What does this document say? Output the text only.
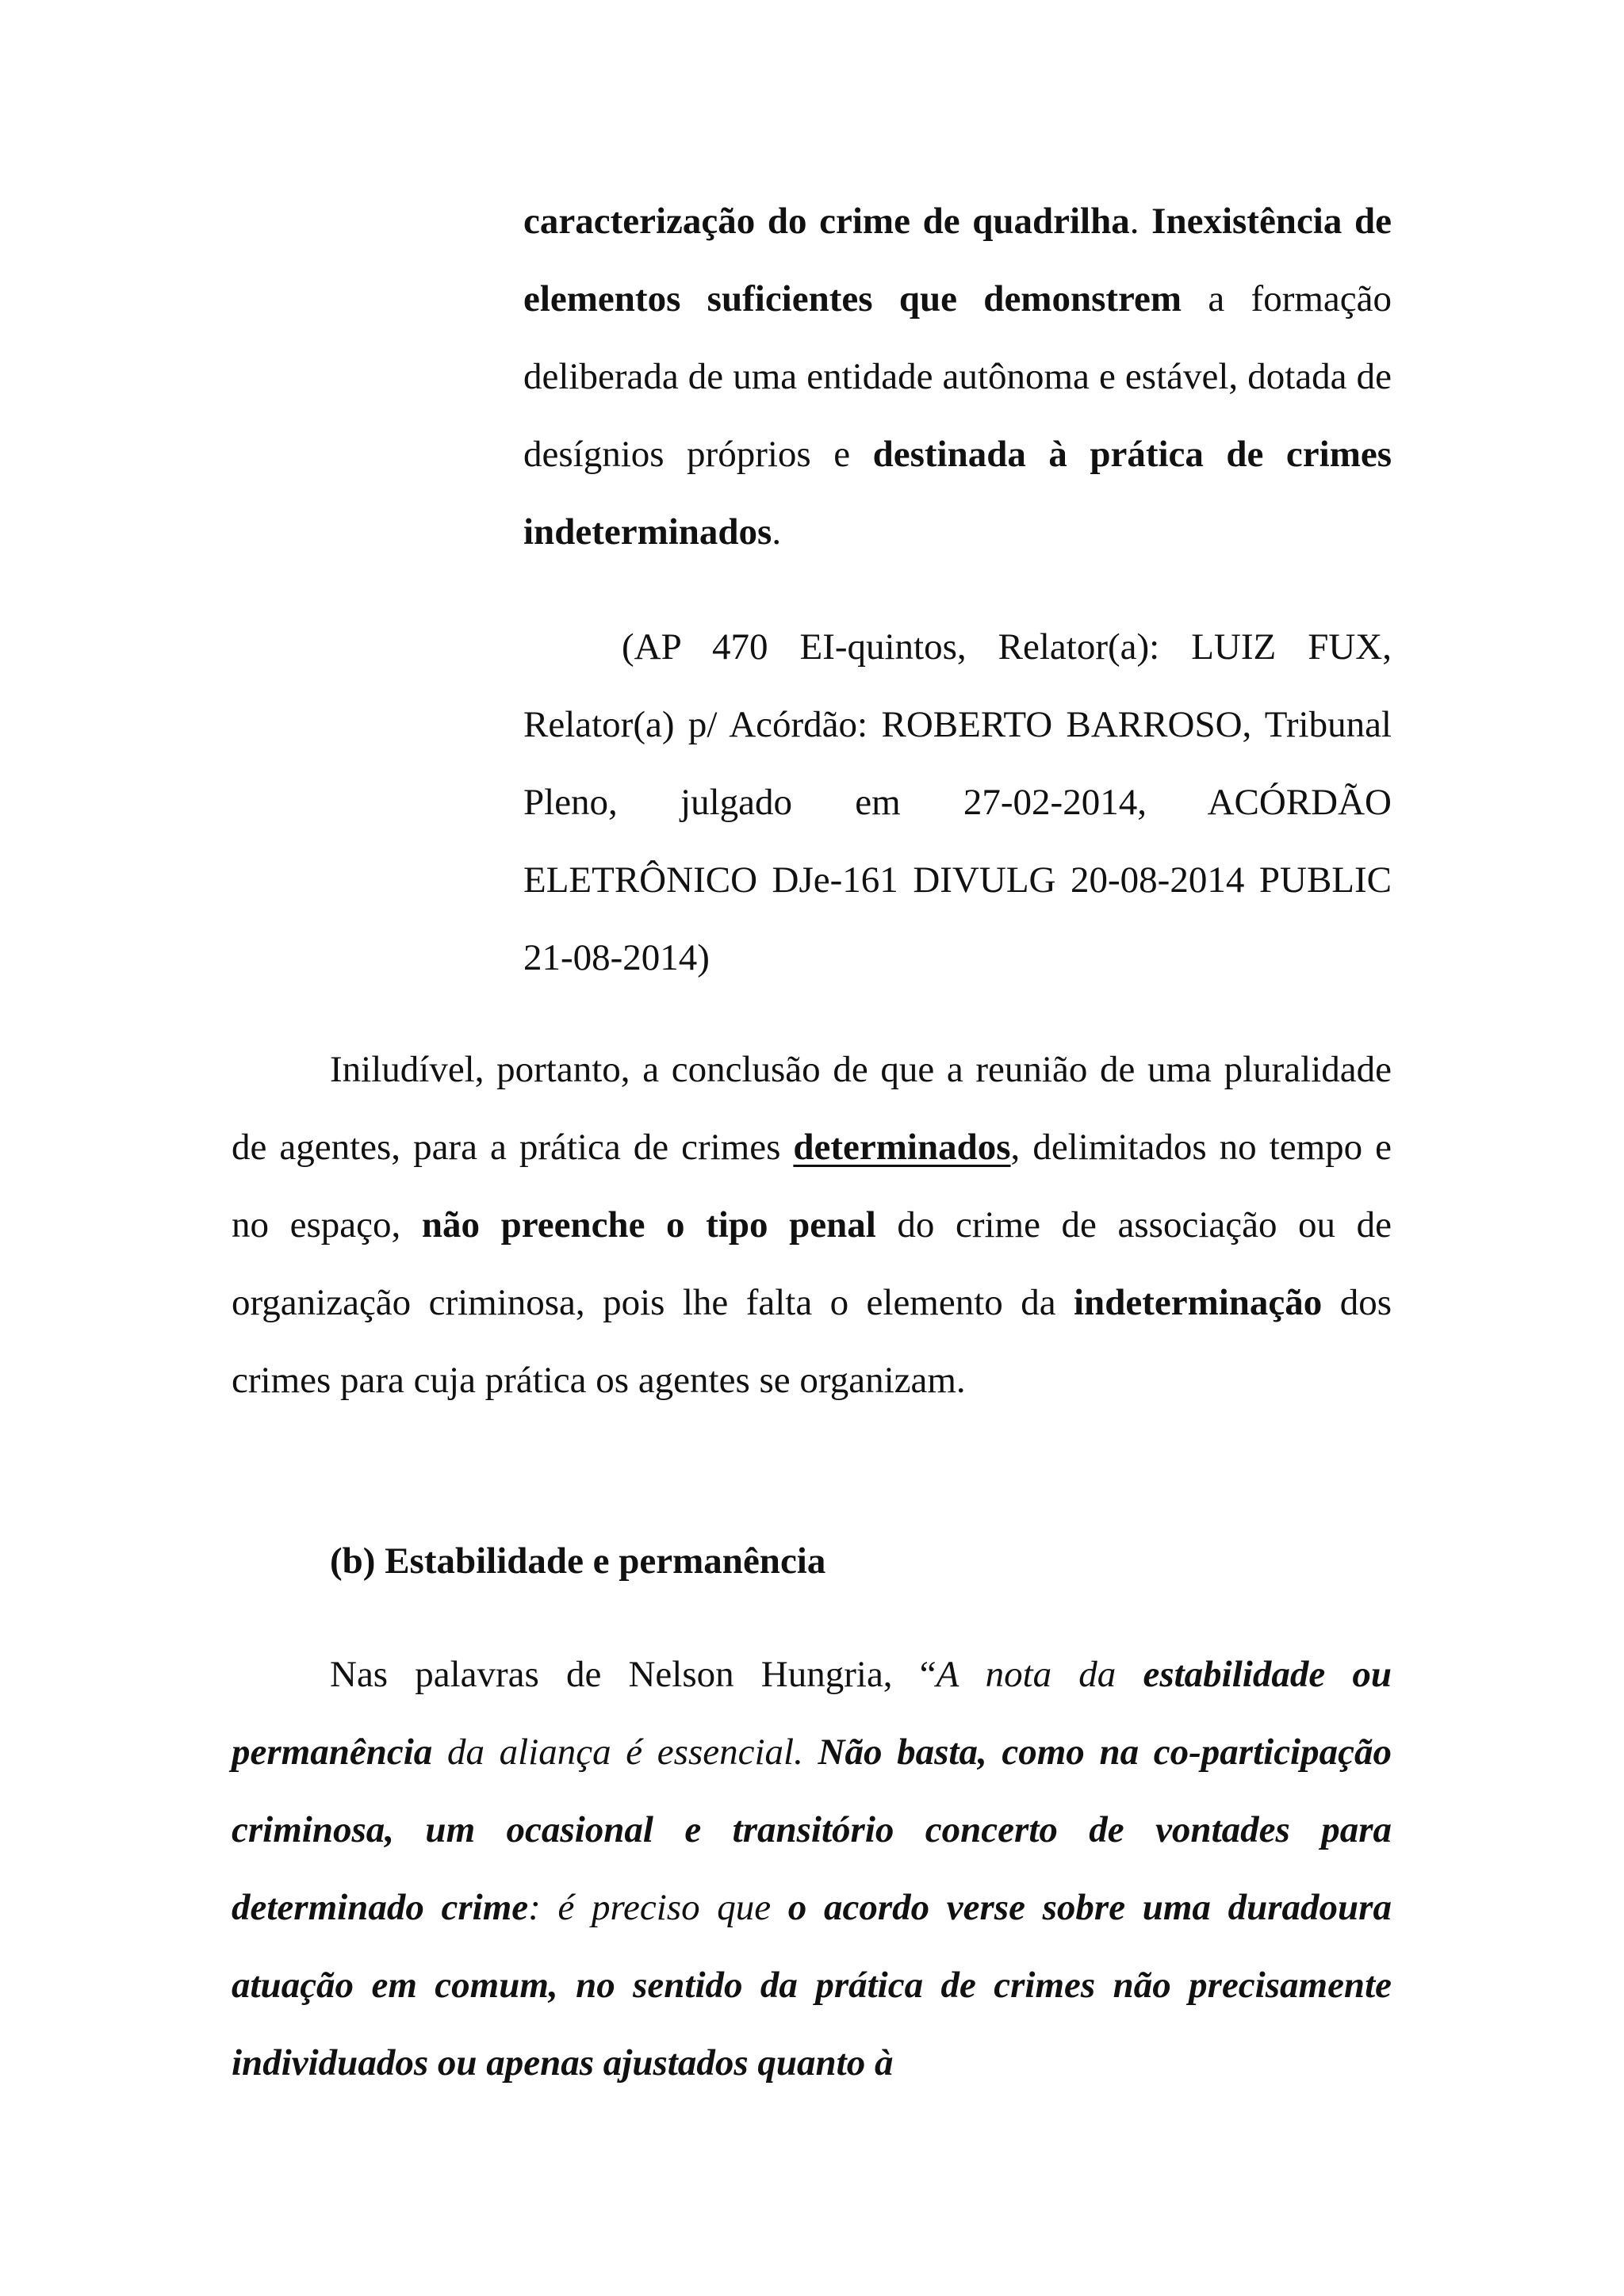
caracterização do crime de quadrilha. Inexistência de elementos suficientes que demonstrem a formação deliberada de uma entidade autônoma e estável, dotada de desígnios próprios e destinada à prática de crimes indeterminados.

(AP 470 EI-quintos, Relator(a): LUIZ FUX, Relator(a) p/ Acórdão: ROBERTO BARROSO, Tribunal Pleno, julgado em 27-02-2014, ACÓRDÃO ELETRÔNICO DJe-161 DIVULG 20-08-2014 PUBLIC 21-08-2014)

Iniludível, portanto, a conclusão de que a reunião de uma pluralidade de agentes, para a prática de crimes determinados, delimitados no tempo e no espaço, não preenche o tipo penal do crime de associação ou de organização criminosa, pois lhe falta o elemento da indeterminação dos crimes para cuja prática os agentes se organizam.

(b) Estabilidade e permanência

Nas palavras de Nelson Hungria, “A nota da estabilidade ou permanência da aliança é essencial. Não basta, como na co-participação criminosa, um ocasional e transitório concerto de vontades para determinado crime: é preciso que o acordo verse sobre uma duradoura atuação em comum, no sentido da prática de crimes não precisamente individuados ou apenas ajustados quanto à
